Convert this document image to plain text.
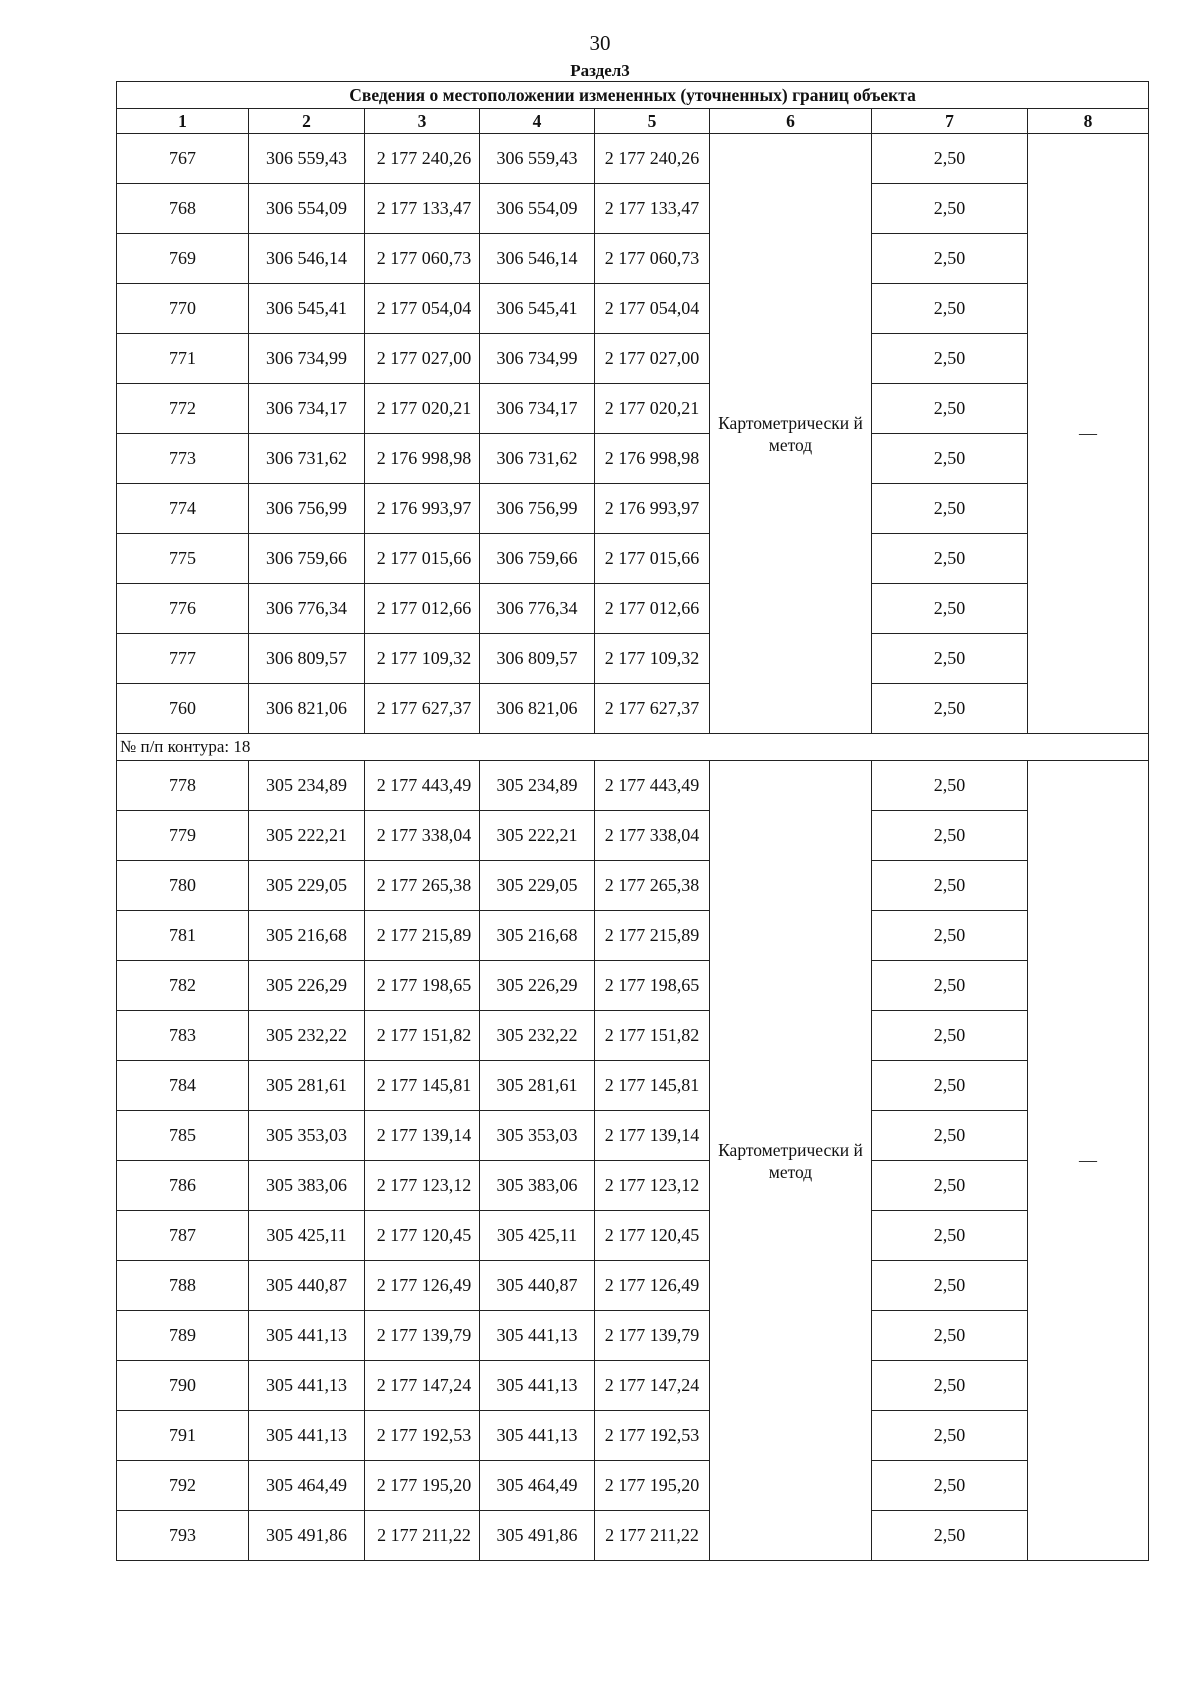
30
Раздел3
Сведения о местоположении измененных (уточненных) границ объекта							
1	2	3	4	5	6	7	8
767	306 559,43	2 177 240,26	306 559,43	2 177 240,26	Картометрически й метод	2,50	—
768	306 554,09	2 177 133,47	306 554,09	2 177 133,47		2,50	
769	306 546,14	2 177 060,73	306 546,14	2 177 060,73		2,50	
770	306 545,41	2 177 054,04	306 545,41	2 177 054,04		2,50	
771	306 734,99	2 177 027,00	306 734,99	2 177 027,00		2,50	
772	306 734,17	2 177 020,21	306 734,17	2 177 020,21		2,50	
773	306 731,62	2 176 998,98	306 731,62	2 176 998,98		2,50	
774	306 756,99	2 176 993,97	306 756,99	2 176 993,97		2,50	
775	306 759,66	2 177 015,66	306 759,66	2 177 015,66		2,50	
776	306 776,34	2 177 012,66	306 776,34	2 177 012,66		2,50	
777	306 809,57	2 177 109,32	306 809,57	2 177 109,32		2,50	
760	306 821,06	2 177 627,37	306 821,06	2 177 627,37		2,50	
№ п/п контура: 18							
778	305 234,89	2 177 443,49	305 234,89	2 177 443,49	Картометрически й метод	2,50	—
779	305 222,21	2 177 338,04	305 222,21	2 177 338,04		2,50	
780	305 229,05	2 177 265,38	305 229,05	2 177 265,38		2,50	
781	305 216,68	2 177 215,89	305 216,68	2 177 215,89		2,50	
782	305 226,29	2 177 198,65	305 226,29	2 177 198,65		2,50	
783	305 232,22	2 177 151,82	305 232,22	2 177 151,82		2,50	
784	305 281,61	2 177 145,81	305 281,61	2 177 145,81		2,50	
785	305 353,03	2 177 139,14	305 353,03	2 177 139,14		2,50	
786	305 383,06	2 177 123,12	305 383,06	2 177 123,12		2,50	
787	305 425,11	2 177 120,45	305 425,11	2 177 120,45		2,50	
788	305 440,87	2 177 126,49	305 440,87	2 177 126,49		2,50	
789	305 441,13	2 177 139,79	305 441,13	2 177 139,79		2,50	
790	305 441,13	2 177 147,24	305 441,13	2 177 147,24		2,50	
791	305 441,13	2 177 192,53	305 441,13	2 177 192,53		2,50	
792	305 464,49	2 177 195,20	305 464,49	2 177 195,20		2,50	
793	305 491,86	2 177 211,22	305 491,86	2 177 211,22		2,50	
